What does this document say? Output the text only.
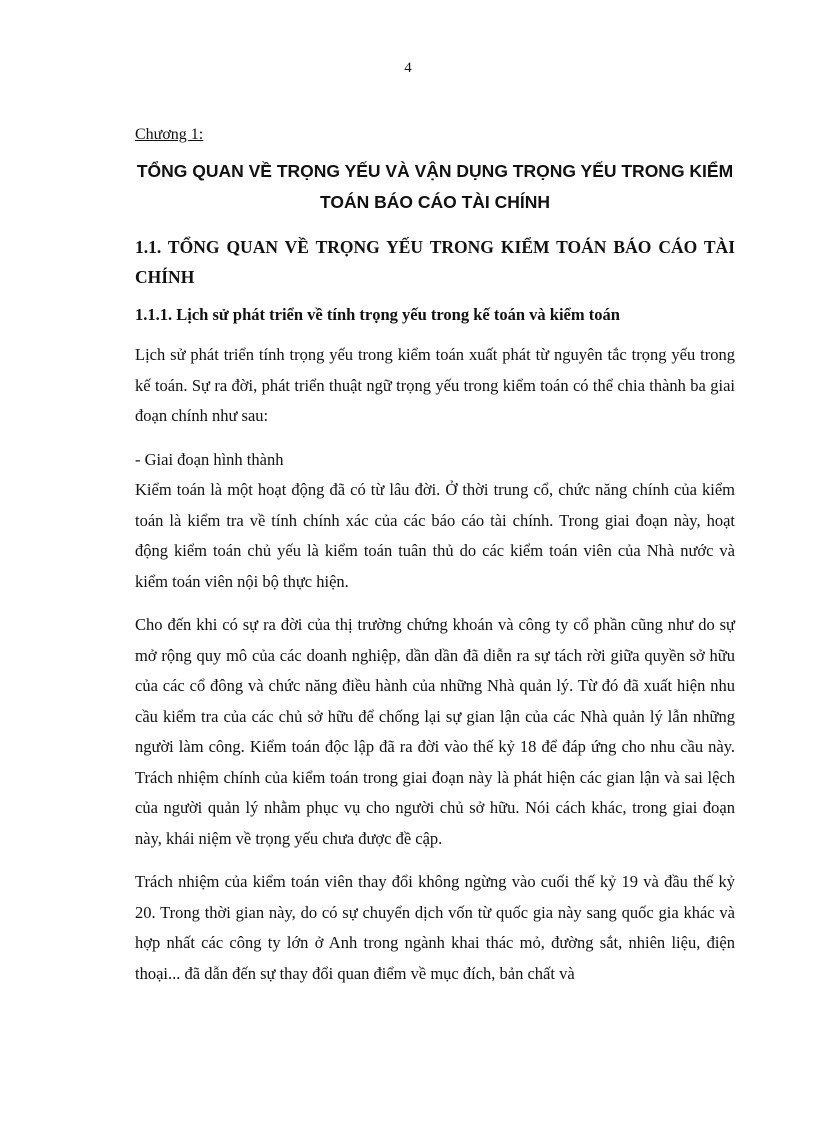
4
Chương 1:
TỔNG QUAN VỀ TRỌNG YẾU VÀ VẬN DỤNG TRỌNG YẾU TRONG KIỂM TOÁN BÁO CÁO TÀI CHÍNH
1.1. TỔNG QUAN VỀ TRỌNG YẾU TRONG KIỂM TOÁN BÁO CÁO TÀI CHÍNH
1.1.1. Lịch sử phát triển về tính trọng yếu trong kế toán và kiểm toán

Lịch sử phát triển tính trọng yếu trong kiểm toán xuất phát từ nguyên tắc trọng yếu trong kế toán. Sự ra đời, phát triển thuật ngữ trọng yếu trong kiểm toán có thể chia thành ba giai đoạn chính như sau:

- Giai đoạn hình thành

Kiểm toán là một hoạt động đã có từ lâu đời. Ở thời trung cổ, chức năng chính của kiểm toán là kiểm tra về tính chính xác của các báo cáo tài chính. Trong giai đoạn này, hoạt động kiểm toán chủ yếu là kiểm toán tuân thủ do các kiểm toán viên của Nhà nước và kiểm toán viên nội bộ thực hiện.

Cho đến khi có sự ra đời của thị trường chứng khoán và công ty cổ phần cũng như do sự mở rộng quy mô của các doanh nghiệp, dần dần đã diễn ra sự tách rời giữa quyền sở hữu của các cổ đông và chức năng điều hành của những Nhà quản lý. Từ đó đã xuất hiện nhu cầu kiểm tra của các chủ sở hữu để chống lại sự gian lận của các Nhà quản lý lẫn những người làm công. Kiểm toán độc lập đã ra đời vào thế kỷ 18 để đáp ứng cho nhu cầu này. Trách nhiệm chính của kiểm toán trong giai đoạn này là phát hiện các gian lận và sai lệch của người quản lý nhằm phục vụ cho người chủ sở hữu. Nói cách khác, trong giai đoạn này, khái niệm về trọng yếu chưa được đề cập.

Trách nhiệm của kiểm toán viên thay đổi không ngừng vào cuối thế kỷ 19 và đầu thế kỷ 20. Trong thời gian này, do có sự chuyển dịch vốn từ quốc gia này sang quốc gia khác và hợp nhất các công ty lớn ở Anh trong ngành khai thác mỏ, đường sắt, nhiên liệu, điện thoại... đã dẫn đến sự thay đổi quan điểm về mục đích, bản chất và
